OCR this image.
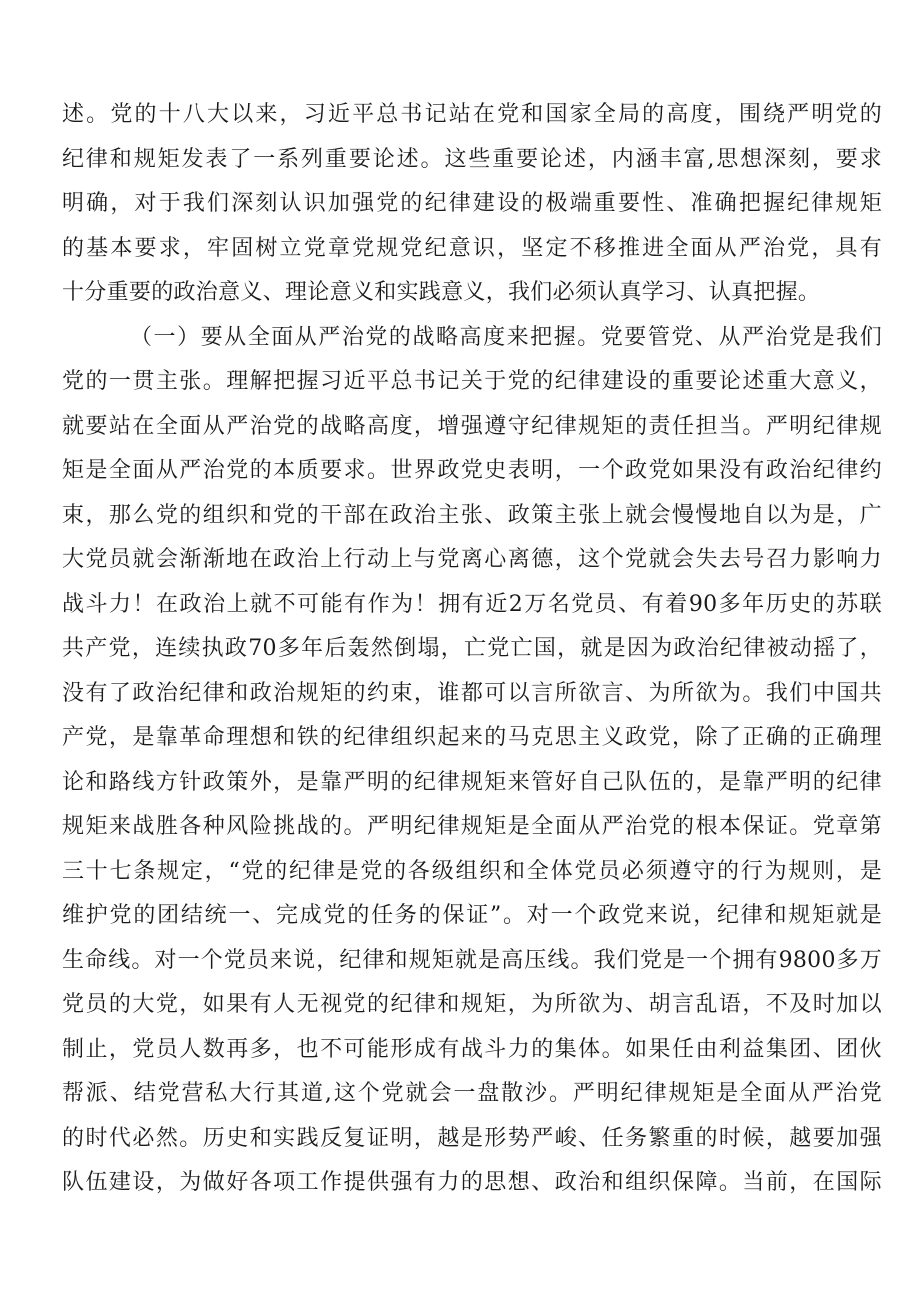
述。党的十八大以来，习近平总书记站在党和国家全局的高度，围绕严明党的
纪律和规矩发表了一系列重要论述。这些重要论述，内涵丰富,思想深刻，要求
明确，对于我们深刻认识加强党的纪律建设的极端重要性、准确把握纪律规矩
的基本要求，牢固树立党章党规党纪意识，坚定不移推进全面从严治党，具有
十分重要的政治意义、理论意义和实践意义，我们必须认真学习、认真把握。
（一）要从全面从严治党的战略高度来把握。党要管党、从严治党是我们
党的一贯主张。理解把握习近平总书记关于党的纪律建设的重要论述重大意义，
就要站在全面从严治党的战略高度，增强遵守纪律规矩的责任担当。严明纪律规
矩是全面从严治党的本质要求。世界政党史表明，一个政党如果没有政治纪律约
束，那么党的组织和党的干部在政治主张、政策主张上就会慢慢地自以为是，广
大党员就会渐渐地在政治上行动上与党离心离德，这个党就会失去号召力影响力
战斗力！在政治上就不可能有作为！拥有近2万名党员、有着90多年历史的苏联
共产党，连续执政70多年后轰然倒塌，亡党亡国，就是因为政治纪律被动摇了，
没有了政治纪律和政治规矩的约束，谁都可以言所欲言、为所欲为。我们中国共
产党，是靠革命理想和铁的纪律组织起来的马克思主义政党，除了正确的正确理
论和路线方针政策外，是靠严明的纪律规矩来管好自己队伍的，是靠严明的纪律
规矩来战胜各种风险挑战的。严明纪律规矩是全面从严治党的根本保证。党章第
三十七条规定，“党的纪律是党的各级组织和全体党员必须遵守的行为规则，是
维护党的团结统一、完成党的任务的保证”。对一个政党来说，纪律和规矩就是
生命线。对一个党员来说，纪律和规矩就是高压线。我们党是一个拥有9800多万
党员的大党，如果有人无视党的纪律和规矩，为所欲为、胡言乱语，不及时加以
制止，党员人数再多，也不可能形成有战斗力的集体。如果任由利益集团、团伙
帮派、结党营私大行其道,这个党就会一盘散沙。严明纪律规矩是全面从严治党
的时代必然。历史和实践反复证明，越是形势严峻、任务繁重的时候，越要加强
队伍建设，为做好各项工作提供强有力的思想、政治和组织保障。当前，在国际
